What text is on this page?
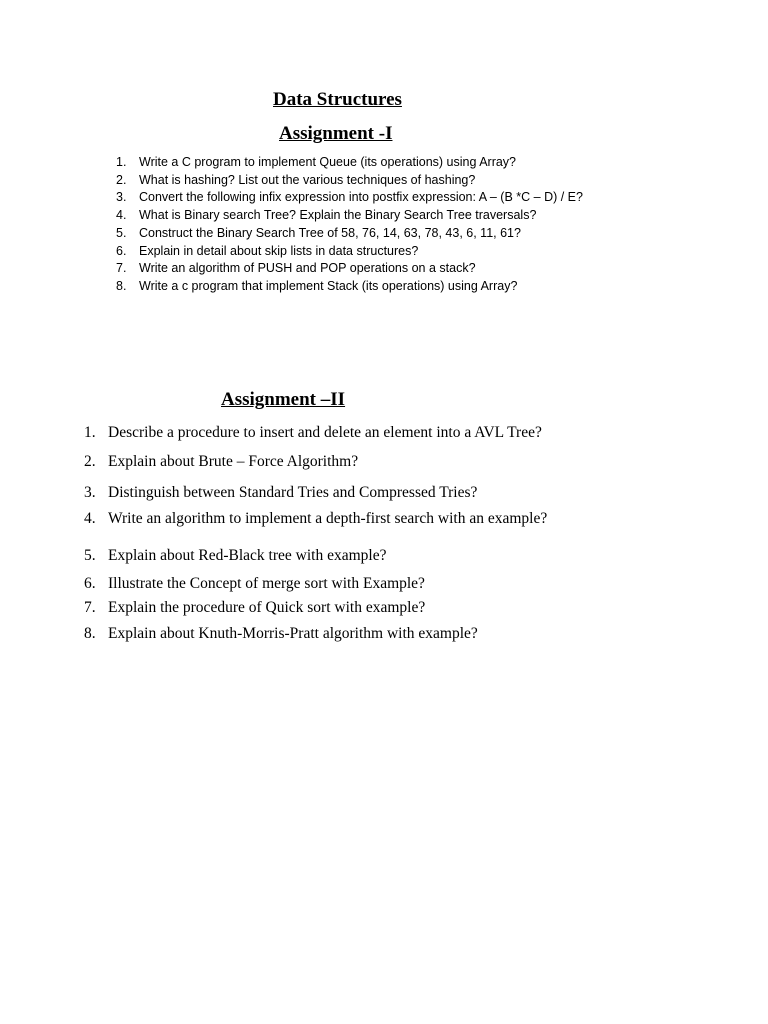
Data Structures
Assignment -I
1. Write a C program to implement Queue (its operations) using Array?
2. What is hashing? List out the various techniques of hashing?
3. Convert the following infix expression into postfix expression: A – (B *C – D) / E?
4. What is Binary search Tree? Explain the Binary Search Tree traversals?
5. Construct the Binary Search Tree of 58, 76, 14, 63, 78, 43, 6, 11, 61?
6. Explain in detail about skip lists in data structures?
7. Write an algorithm of PUSH and POP operations on a stack?
8. Write a c program that implement Stack (its operations) using Array?
Assignment –II
1. Describe a procedure to insert and delete an element into a AVL Tree?
2. Explain about Brute – Force Algorithm?
3. Distinguish between Standard Tries and Compressed Tries?
4. Write an algorithm to implement a depth-first search with an example?
5. Explain about Red-Black tree with example?
6. Illustrate the Concept of merge sort with Example?
7. Explain the procedure of Quick sort with example?
8. Explain about Knuth-Morris-Pratt algorithm with example?
